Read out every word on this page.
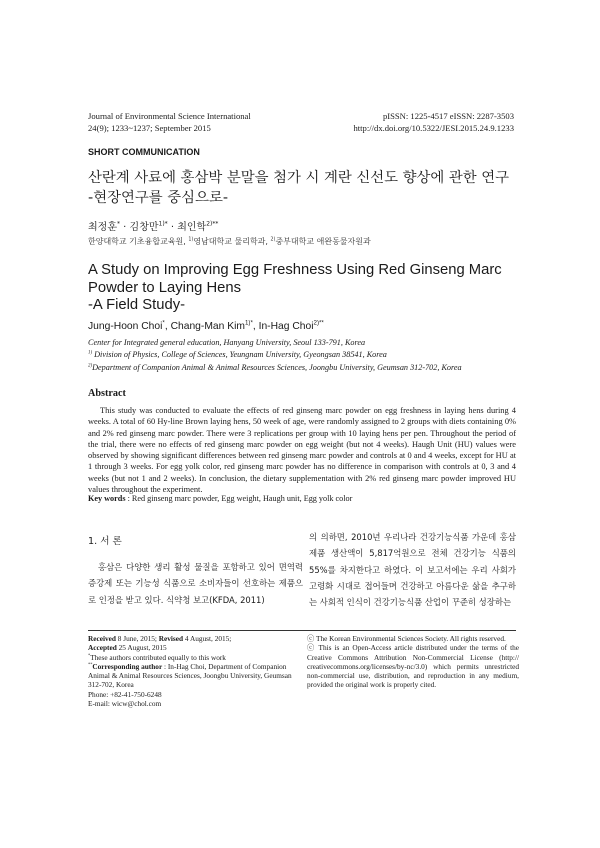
Journal of Environmental Science International
24(9); 1233~1237; September 2015
pISSN: 1225-4517 eISSN: 2287-3503
http://dx.doi.org/10.5322/JESI.2015.24.9.1233
SHORT COMMUNICATION
산란계 사료에 홍삼박 분말을 첨가 시 계란 신선도 향상에 관한 연구
-현장연구를 중심으로-
최정훈* · 김창만$^{1)*}$ · 최인학$^{2)**}$
한양대학교 기초융합교육원, $^{1)}$영남대학교 물리학과, $^{2)}$중부대학교 애완동물자원과
A Study on Improving Egg Freshness Using Red Ginseng Marc
Powder to Laying Hens
-A Field Study-
Jung-Hoon Choi*, Chang-Man Kim$^{1)*}$, In-Hag Choi$^{2)**}$
Center for Integrated general education, Hanyang University, Seoul 133-791, Korea
$^{1)}$ Division of Physics, College of Sciences, Yeungnam University, Gyeongsan 38541, Korea
$^{2)}$Department of Companion Animal & Animal Resources Sciences, Joongbu University, Geumsan 312-702, Korea
Abstract
This study was conducted to evaluate the effects of red ginseng marc powder on egg freshness in laying hens during 4 weeks. A total of 60 Hy-line Brown laying hens, 50 week of age, were randomly assigned to 2 groups with diets containing 0% and 2% red ginseng marc powder. There were 3 replications per group with 10 laying hens per pen. Throughout the period of the trial, there were no effects of red ginseng marc powder on egg weight (but not 4 weeks). Haugh Unit (HU) values were observed by showing significant differences between red ginseng marc powder and controls at 0 and 4 weeks, except for HU at 1 through 3 weeks. For egg yolk color, red ginseng marc powder has no difference in comparison with controls at 0, 3 and 4 weeks (but not 1 and 2 weeks). In conclusion, the dietary supplementation with 2% red ginseng marc powder improved HU values throughout the experiment.
Key words : Red ginseng marc powder, Egg weight, Haugh unit, Egg yolk color
1. 서 론
홍삼은 다양한 생리 활성 물질을 포함하고 있어 면역력 증강제 또는 기능성 식품으로 소비자들이 선호하는 제품으로 인정을 받고 있다. 식약청 보고(KFDA, 2011)
의 의하면, 2010년 우리나라 건강기능식품 가운데 홍삼제품 생산액이 5,817억원으로 전체 건강기능 식품의 55%를 차지한다고 하였다. 이 보고서에는 우리 사회가 고령화 시대로 접어들며 건강하고 아름다운 삶을 추구하는 사회적 인식이 건강기능식품 산업이 꾸준히 성장하는
Received 8 June, 2015; Revised 4 August, 2015;
Accepted 25 August, 2015
*These authors contributed equally to this work
**Corresponding author : In-Hag Choi, Department of Companion Animal & Animal Resources Sciences, Joongbu University, Geumsan 312-702, Korea
Phone: +82-41-750-6248
E-mail: wicw@chol.com
ⓒ The Korean Environmental Sciences Society. All rights reserved.
ⓒ This is an Open-Access article distributed under the terms of the Creative Commons Attribution Non-Commercial License (http:// creativecommons.org/licenses/by-nc/3.0) which permits unrestricted non-commercial use, distribution, and reproduction in any medium, provided the original work is properly cited.
